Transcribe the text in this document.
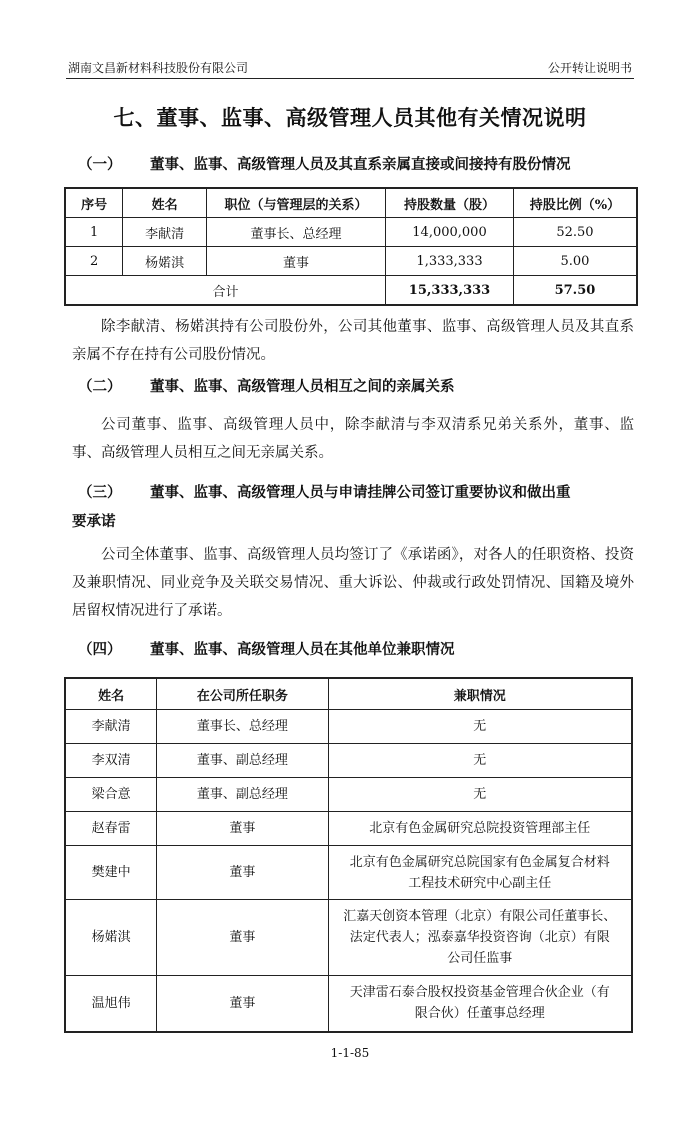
湖南文昌新材料科技股份有限公司	公开转让说明书
七、董事、监事、高级管理人员其他有关情况说明
（一） 董事、监事、高级管理人员及其直系亲属直接或间接持有股份情况
序号	姓名	职位（与管理层的关系）	持股数量（股）	持股比例（%）
1	李献清	董事长、总经理	14,000,000	52.50
2	杨婼淇	董事	1,333,333	5.00
合计			15,333,333	57.50
除李献清、杨婼淇持有公司股份外，公司其他董事、监事、高级管理人员及其直系亲属不存在持有公司股份情况。
（二） 董事、监事、高级管理人员相互之间的亲属关系
公司董事、监事、高级管理人员中，除李献清与李双清系兄弟关系外，董事、监事、高级管理人员相互之间无亲属关系。
（三） 董事、监事、高级管理人员与申请挂牌公司签订重要协议和做出重
要承诺
公司全体董事、监事、高级管理人员均签订了《承诺函》，对各人的任职资格、投资及兼职情况、同业竞争及关联交易情况、重大诉讼、仲裁或行政处罚情况、国籍及境外居留权情况进行了承诺。
（四） 董事、监事、高级管理人员在其他单位兼职情况
姓名	在公司所任职务	兼职情况
李献清	董事长、总经理	无

李双清	董事、副总经理	无

梁合意	董事、副总经理	无

赵春雷	董事	北京有色金属研究总院投资管理部主任

樊建中	董事	北京有色金属研究总院国家有色金属复合材料
工程技术研究中心副主任

杨婼淇	董事	汇嘉天创资本管理（北京）有限公司任董事长、
法定代表人；泓泰嘉华投资咨询（北京）有限
公司任监事

温旭伟	董事	天津雷石泰合股权投资基金管理合伙企业（有
限合伙）任董事总经理
1-1-85
